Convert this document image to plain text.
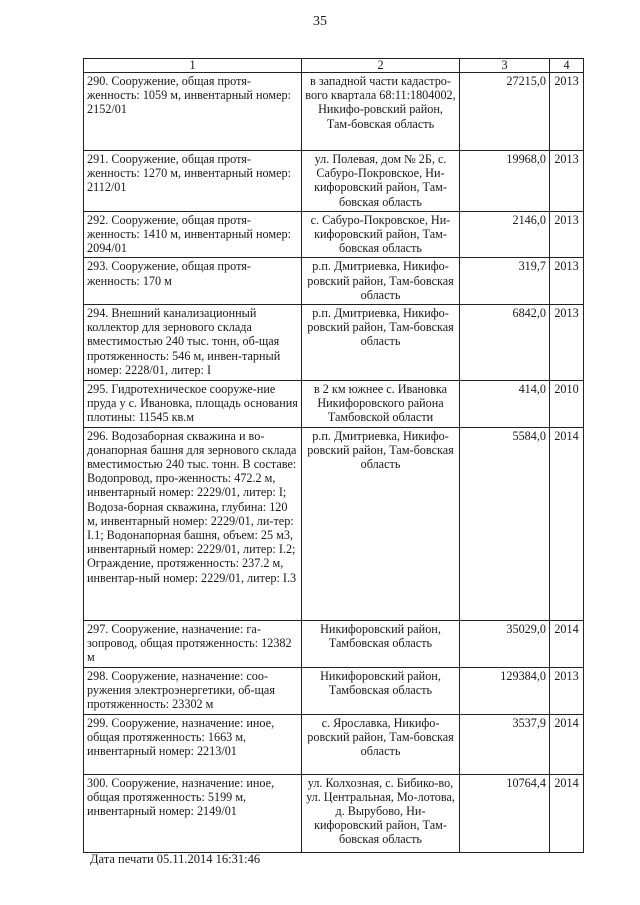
35
1	2	3	4
290. Сооружение, общая протя-женность: 1059 м, инвентарный номер: 2152/01	в западной части кадастро-вого квартала 68:11:1804002, Никифо-ровский район, Там-бовская область	27215,0	2013
291. Сооружение, общая протя-женность: 1270 м, инвентарный номер: 2112/01	ул. Полевая, дом № 2Б, с. Сабуро-Покровское, Ни-кифоровский район, Там-бовская область	19968,0	2013
292. Сооружение, общая протя-женность: 1410 м, инвентарный номер: 2094/01	с. Сабуро-Покровское, Ни-кифоровский район, Там-бовская область	2146,0	2013
293. Сооружение, общая протя-женность: 170 м	р.п. Дмитриевка, Никифо-ровский район, Там-бовская область	319,7	2013
294. Внешний канализационный коллектор для зернового склада вместимостью 240 тыс. тонн, об-щая протяженность: 546 м, инвен-тарный номер: 2228/01, литер: I	р.п. Дмитриевка, Никифо-ровский район, Там-бовская область	6842,0	2013
295. Гидротехническое сооруже-ние пруда у с. Ивановка, площадь основания плотины: 11545 кв.м	в 2 км южнее с. Ивановка Никифоровского района Тамбовской области	414,0	2010
296. Водозаборная скважина и во-донапорная башня для зернового склада вместимостью 240 тыс. тонн. В составе: Водопровод, про-женность: 472.2 м, инвентарный номер: 2229/01, литер: I; Водоза-борная скважина, глубина: 120 м, инвентарный номер: 2229/01, ли-тер: I.1; Водонапорная башня, объем: 25 м3, инвентарный номер: 2229/01, литер: I.2; Ограждение, протяженность: 237.2 м, инвентар-ный номер: 2229/01, литер: I.3	р.п. Дмитриевка, Никифо-ровский район, Там-бовская область	5584,0	2014
297. Сооружение, назначение: га-зопровод, общая протяженность: 12382 м	Никифоровский район, Тамбовская область	35029,0	2014
298. Сооружение, назначение: соо-ружения электроэнергетики, об-щая протяженность: 23302 м	Никифоровский район, Тамбовская область	129384,0	2013
299. Сооружение, назначение: иное, общая протяженность: 1663 м, инвентарный номер: 2213/01	с. Ярославка, Никифо-ровский район, Там-бовская область	3537,9	2014
300. Сооружение, назначение: иное, общая протяженность: 5199 м, инвентарный номер: 2149/01	ул. Колхозная, с. Бибико-во, ул. Центральная, Мо-лотова, д. Вырубово, Ни-кифоровский район, Там-бовская область	10764,4	2014
Дата печати 05.11.2014 16:31:46
